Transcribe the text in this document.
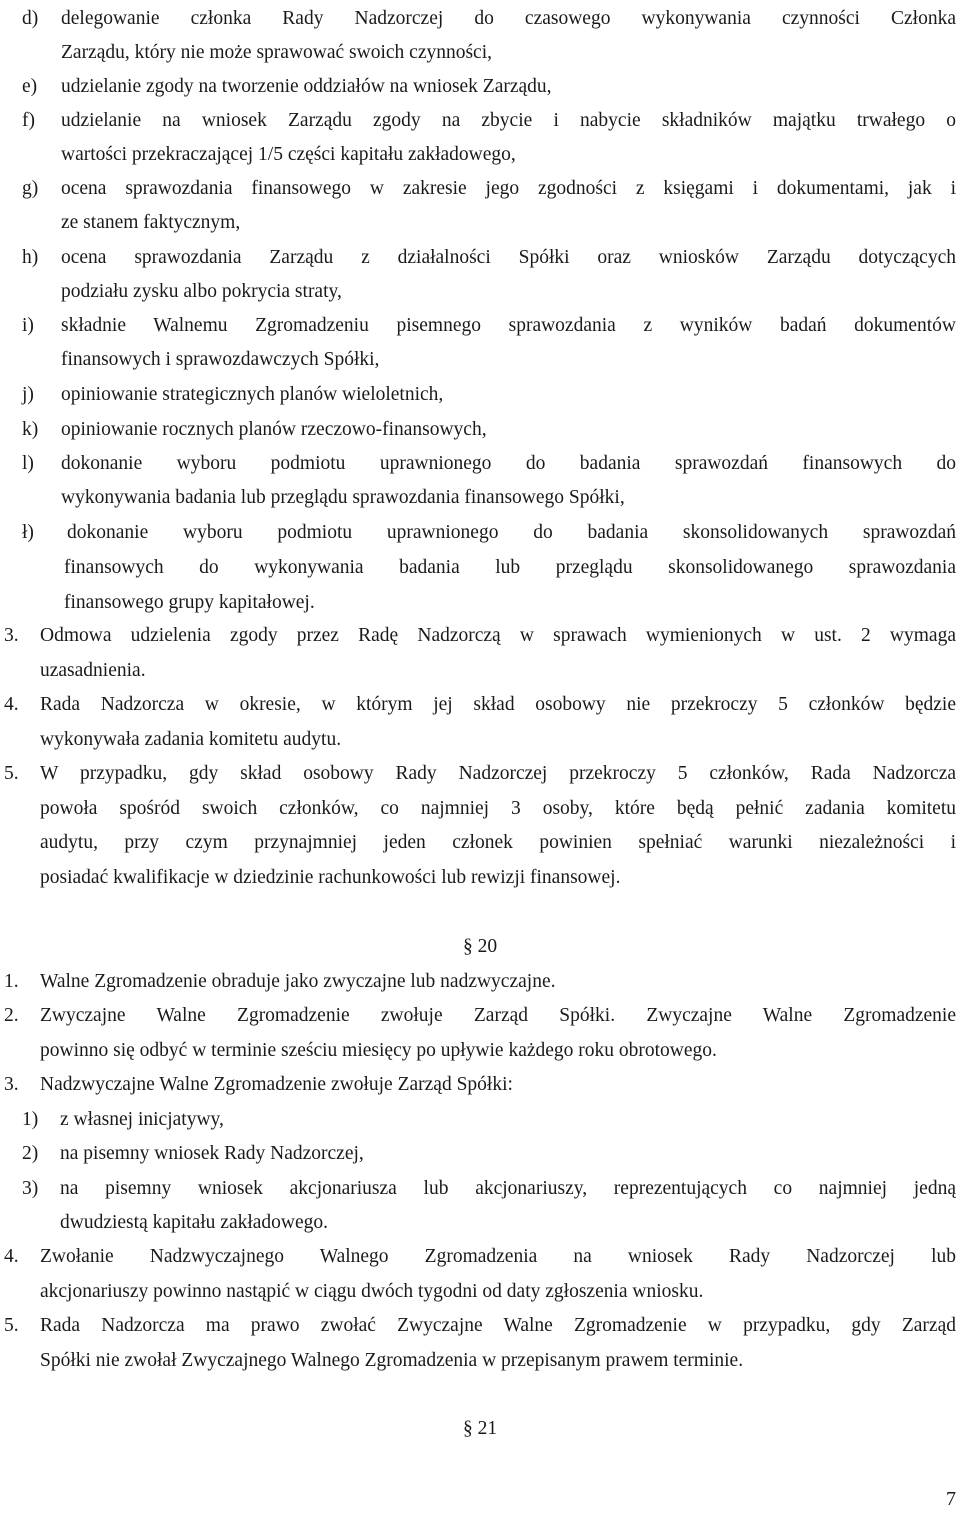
d) delegowanie członka Rady Nadzorczej do czasowego wykonywania czynności Członka
Zarządu, który nie może sprawować swoich czynności,
e) udzielanie zgody na tworzenie oddziałów na wniosek Zarządu,
f) udzielanie na wniosek Zarządu zgody na zbycie i nabycie składników majątku trwałego o
wartości przekraczającej 1/5 części kapitału zakładowego,
g) ocena sprawozdania finansowego w zakresie jego zgodności z księgami i dokumentami, jak i
ze stanem faktycznym,
h) ocena sprawozdania Zarządu z działalności Spółki oraz wniosków Zarządu dotyczących
podziału zysku albo pokrycia straty,
i) składnie Walnemu Zgromadzeniu pisemnego sprawozdania z wyników badań dokumentów
finansowych i sprawozdawczych Spółki,
j) opiniowanie strategicznych planów wieloletnich,
k) opiniowanie rocznych planów rzeczowo-finansowych,
l) dokonanie wyboru podmiotu uprawnionego do badania sprawozdań finansowych do
wykonywania badania lub przeglądu sprawozdania finansowego Spółki,
ł) dokonanie wyboru podmiotu uprawnionego do badania skonsolidowanych sprawozdań
finansowych do wykonywania badania lub przeglądu skonsolidowanego sprawozdania
finansowego grupy kapitałowej.
3. Odmowa udzielenia zgody przez Radę Nadzorczą w sprawach wymienionych w ust. 2 wymaga
uzasadnienia.
4. Rada Nadzorcza w okresie, w którym jej skład osobowy nie przekroczy 5 członków będzie
wykonywała zadania komitetu audytu.
5. W przypadku, gdy skład osobowy Rady Nadzorczej przekroczy 5 członków, Rada Nadzorcza
powoła spośród swoich członków, co najmniej 3 osoby, które będą pełnić zadania komitetu
audytu, przy czym przynajmniej jeden członek powinien spełniać warunki niezależności i
posiadać kwalifikacje w dziedzinie rachunkowości lub rewizji finansowej.
§ 20
1. Walne Zgromadzenie obraduje jako zwyczajne lub nadzwyczajne.
2. Zwyczajne Walne Zgromadzenie zwołuje Zarząd Spółki. Zwyczajne Walne Zgromadzenie
powinno się odbyć w terminie sześciu miesięcy po upływie każdego roku obrotowego.
3. Nadzwyczajne Walne Zgromadzenie zwołuje Zarząd Spółki:
1) z własnej inicjatywy,
2) na pisemny wniosek Rady Nadzorczej,
3) na pisemny wniosek akcjonariusza lub akcjonariuszy, reprezentujących co najmniej jedną
dwudziestą kapitału zakładowego.
4. Zwołanie Nadzwyczajnego Walnego Zgromadzenia na wniosek Rady Nadzorczej lub
akcjonariuszy powinno nastąpić w ciągu dwóch tygodni od daty zgłoszenia wniosku.
5. Rada Nadzorcza ma prawo zwołać Zwyczajne Walne Zgromadzenie w przypadku, gdy Zarząd
Spółki nie zwołał Zwyczajnego Walnego Zgromadzenia w przepisanym prawem terminie.
§ 21
7
